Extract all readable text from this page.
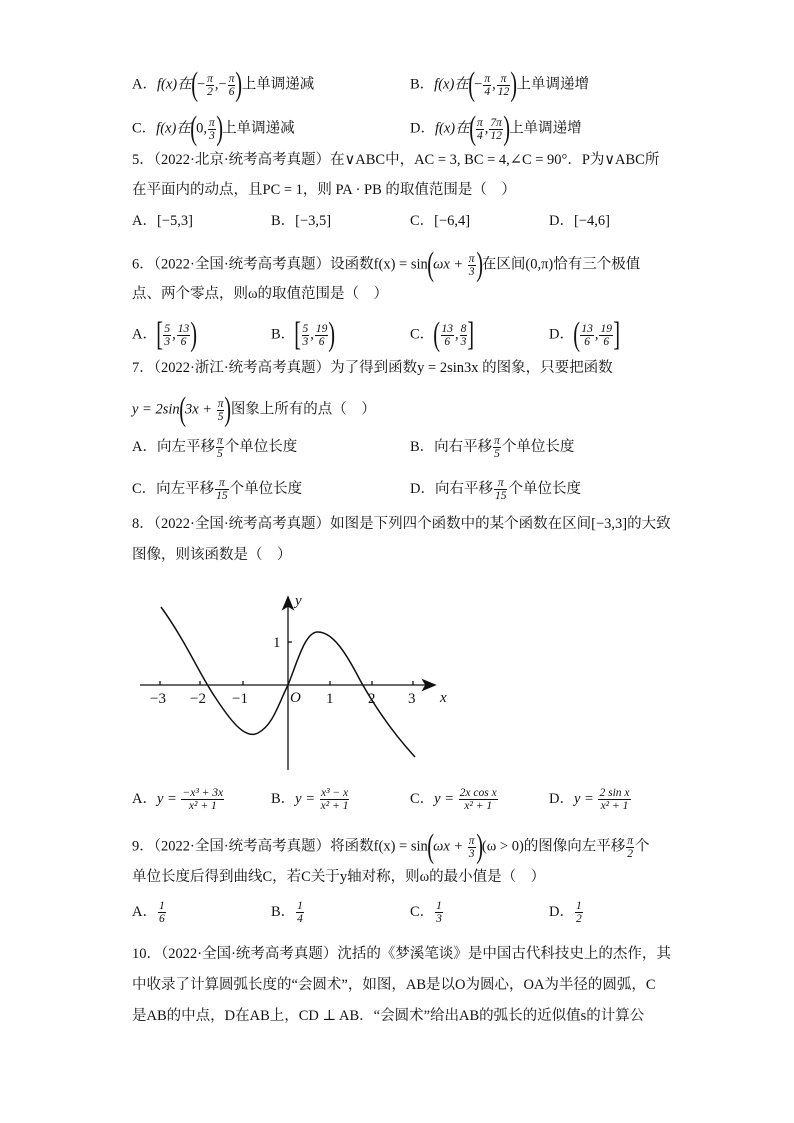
A．f(x)在(− $\frac{\pi}{2}$ ,− $\frac{\pi}{6}$ )上单调递减	B．f(x)在(− $\frac{\pi}{4}$ , $\frac{\pi}{12}$ )上单调递增
C．f(x)在(0, $\frac{\pi}{3}$ )上单调递减	D．f(x)在( $\frac{\pi}{4}$ , $\frac{7\pi}{12}$ )上单调递增
5．（2022·北京·统考高考真题）在∨ABC中，AC = 3, BC = 4,∠C = 90°．P为∨ABC所
在平面内的动点，且PC = 1，则 PA · PB 的取值范围是（　）
A．[−5,3]	B．[−3,5]	C．[−6,4]	D．[−4,6]
6．（2022·全国·统考高考真题）设函数$f(x) = \sin(\omega x + \frac{\pi}{3}$ )在区间(0,π)恰有三个极值
点、两个零点，则ω的取值范围是（　）
A．[ $\frac{5}{3}$ , $\frac{13}{6}$ )	B．[ $\frac{5}{3}$ , $\frac{19}{6}$ )	C．( $\frac{13}{6}$ , $\frac{8}{3}$ ]	D．( $\frac{13}{6}$ , $\frac{19}{6}$ ]
7．（2022·浙江·统考高考真题）为了得到函数y = 2sin3x 的图象，只要把函数
$y = 2\sin(3x + \frac{\pi}{5}$ )图象上所有的点（　）
A．向左平移 $\frac{\pi}{5}$ 个单位长度	B．向右平移 $\frac{\pi}{5}$ 个单位长度
C．向左平移 $\frac{\pi}{15}$ 个单位长度	D．向右平移 $\frac{\pi}{15}$ 个单位长度
8．（2022·全国·统考高考真题）如图是下列四个函数中的某个函数在区间[−3,3]的大致
图像，则该函数是（　）
y
x
O
−3 −2 −1	1 2 3
1
A．$y = \frac{\text{−x³ + 3x}}{\text{x² + 1}}$	B．$y = \frac{\text{x³ − x}}{\text{x² + 1}}$	C．$y = \frac{\text{2x cos x}}{\text{x² + 1}}$	D．$y = \frac{\text{2 sin x}}{\text{x² + 1}}$
9．（2022·全国·统考高考真题）将函数$f(x) = \sin(\omega x + \frac{\pi}{3} )(\omega > 0)$的图像向左平移 $\frac{\pi}{2}$ 个
单位长度后得到曲线C，若C关于y轴对称，则ω的最小值是（　）
A． $\frac{1}{6}$	B． $\frac{1}{4}$	C． $\frac{1}{3}$	D． $\frac{1}{2}$
10．（2022·全国·统考高考真题）沈括的《梦溪笔谈》是中国古代科技史上的杰作，其
中收录了计算圆弧长度的“会圆术”，如图，AB是以O为圆心，OA为半径的圆弧，C
是AB的中点，D在AB上，CD ⊥ AB．“会圆术”给出AB的弧长的近似值s的计算公
